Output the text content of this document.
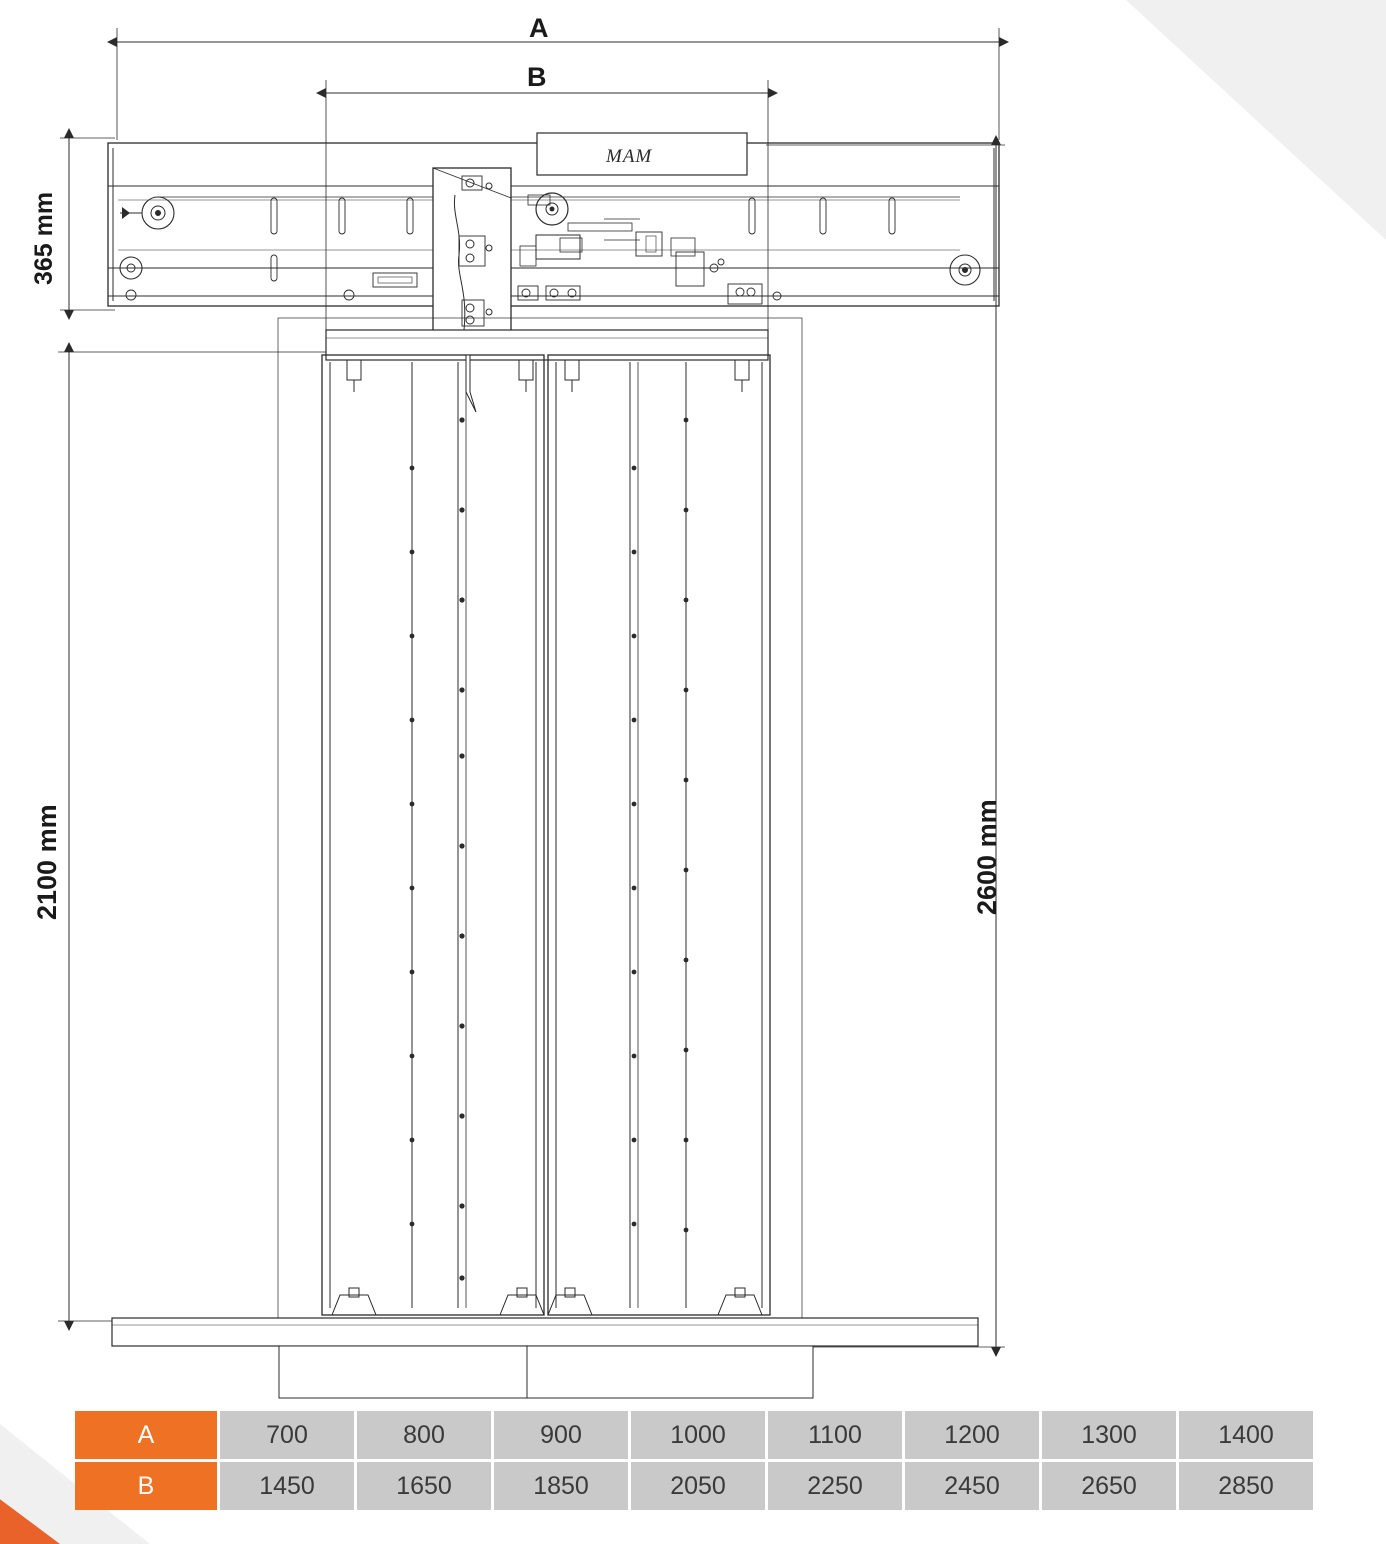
A
B
365 mm
2100 mm	2600 mm
MAM
A	700	800	900	1000	1100	1200	1300	1400
B	1450	1650	1850	2050	2250	2450	2650	2850
